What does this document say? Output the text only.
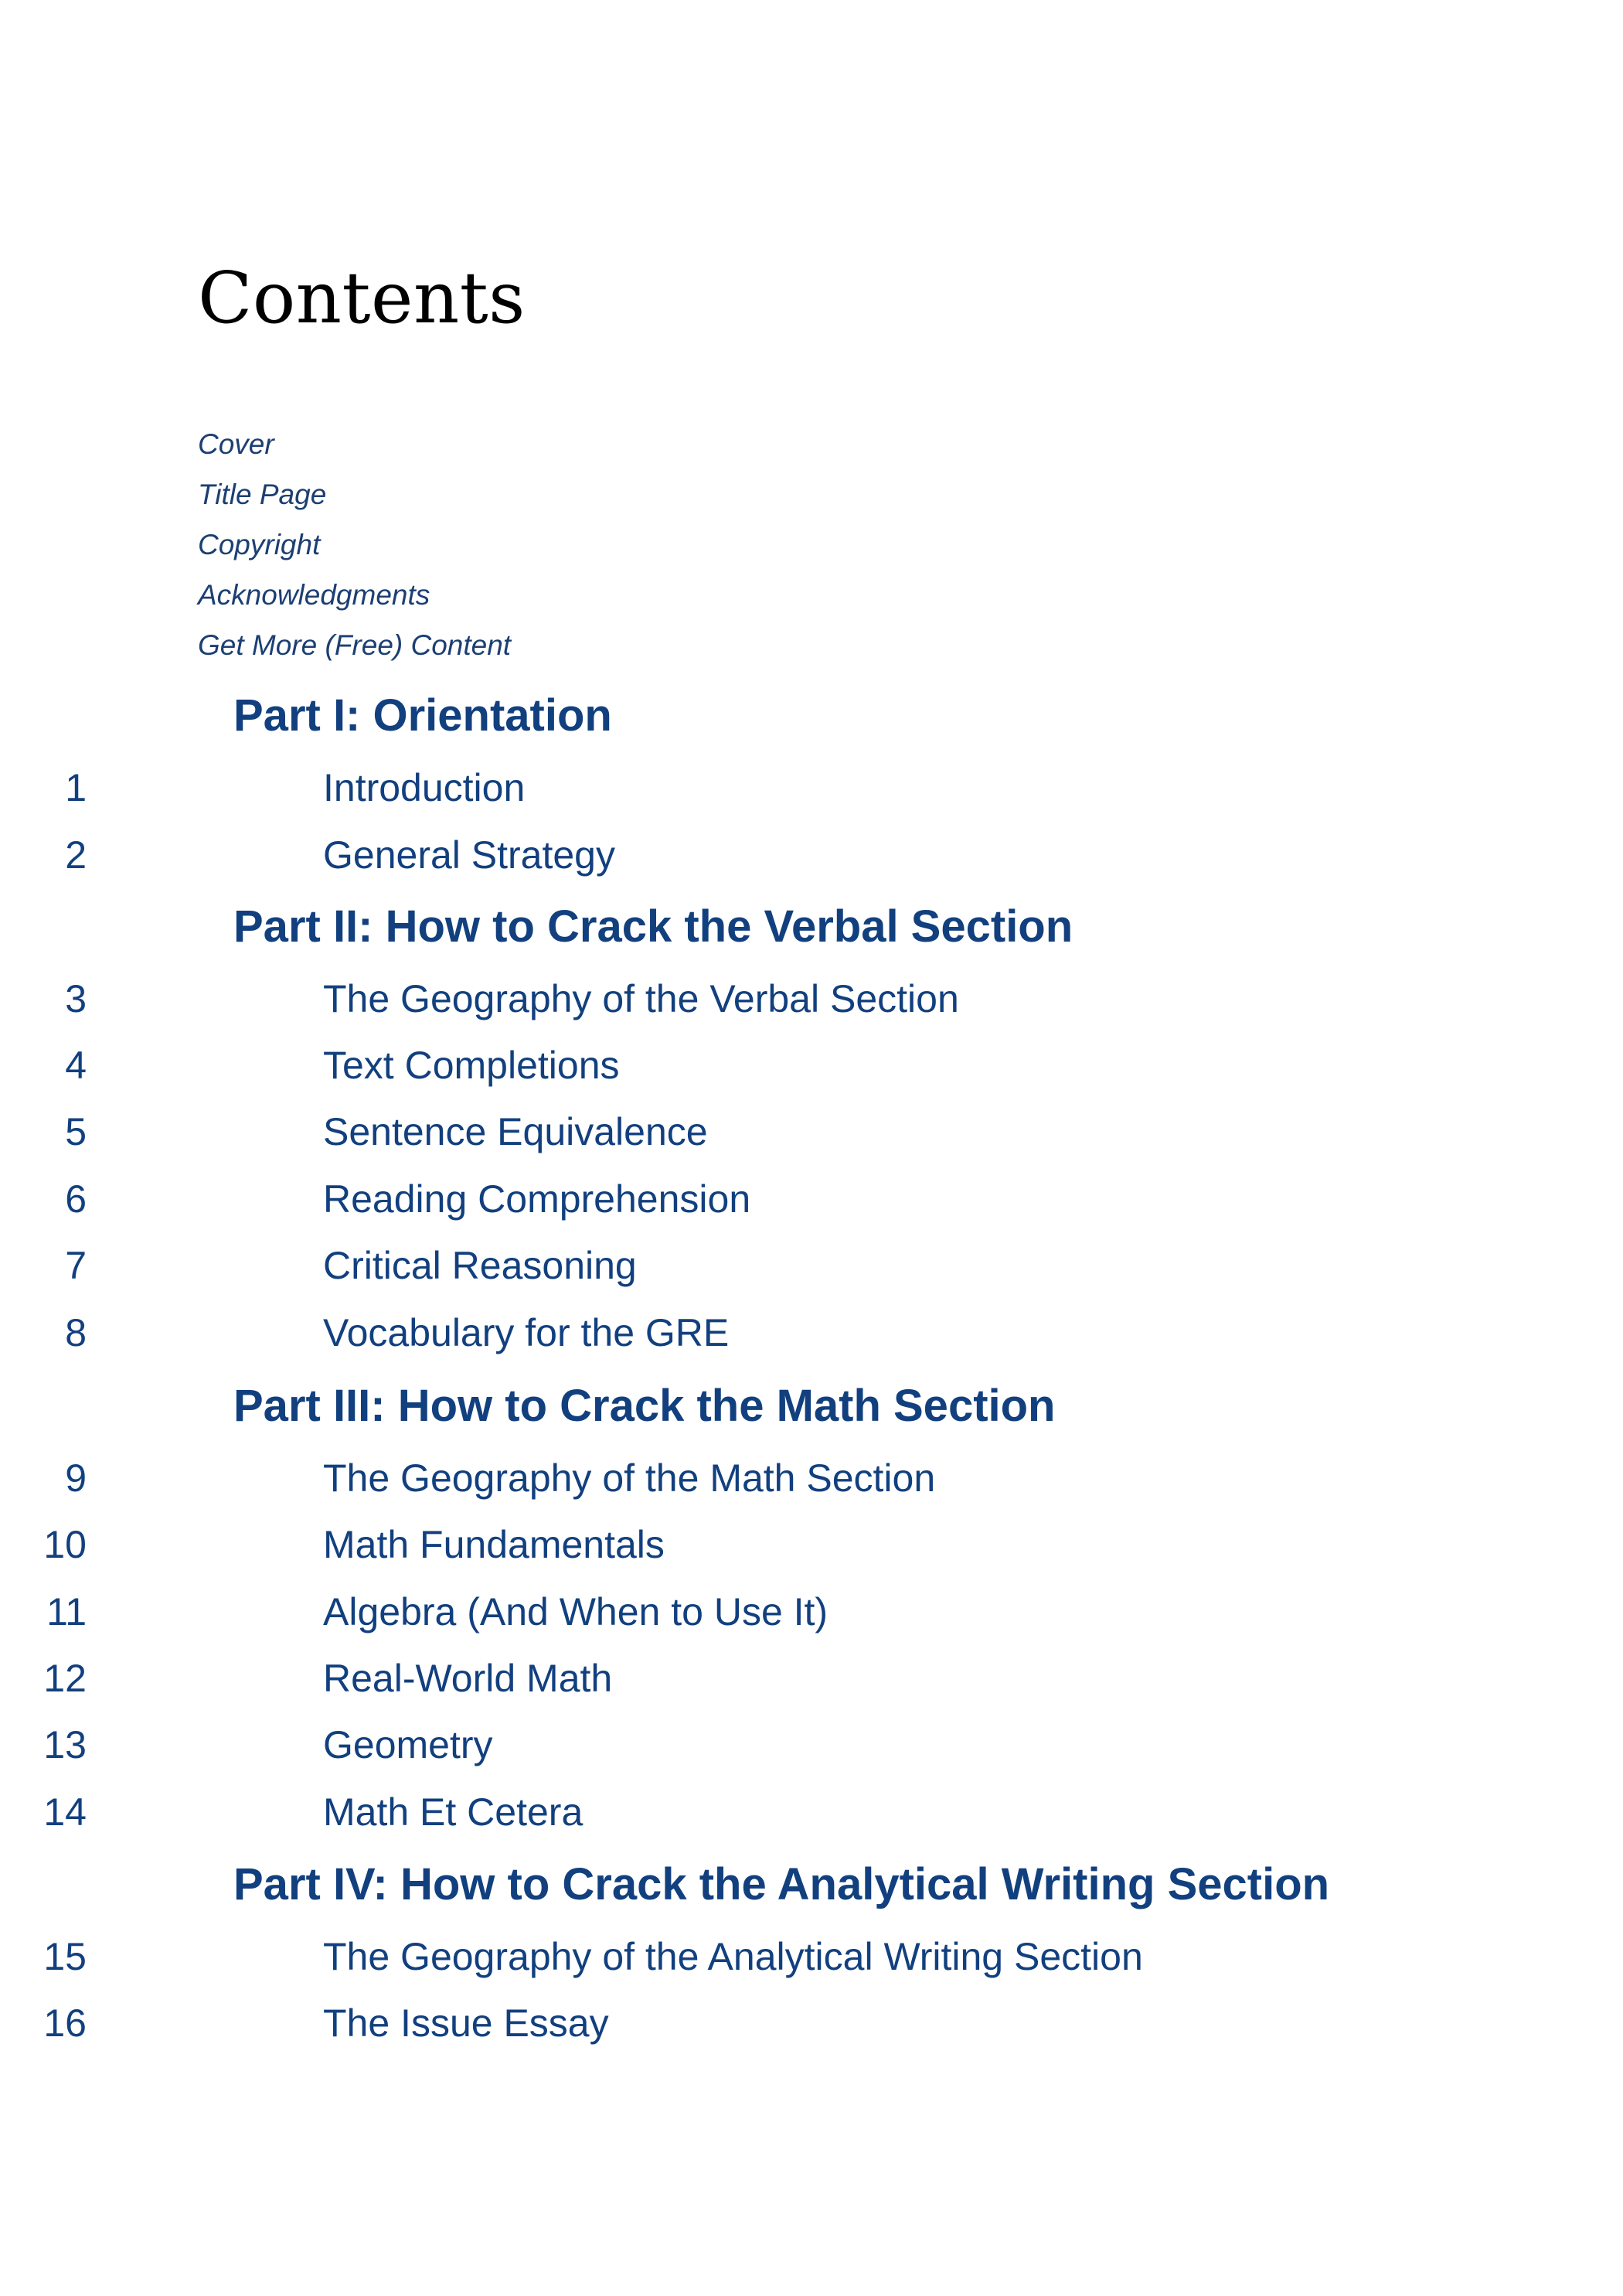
Contents
Cover
Title Page
Copyright
Acknowledgments
Get More (Free) Content
Part I: Orientation
1	Introduction
2	General Strategy
Part II: How to Crack the Verbal Section
3	The Geography of the Verbal Section
4	Text Completions
5	Sentence Equivalence
6	Reading Comprehension
7	Critical Reasoning
8	Vocabulary for the GRE
Part III: How to Crack the Math Section
9	The Geography of the Math Section
10	Math Fundamentals
11	Algebra (And When to Use It)
12	Real-World Math
13	Geometry
14	Math Et Cetera
Part IV: How to Crack the Analytical Writing Section
15	The Geography of the Analytical Writing Section
16	The Issue Essay
